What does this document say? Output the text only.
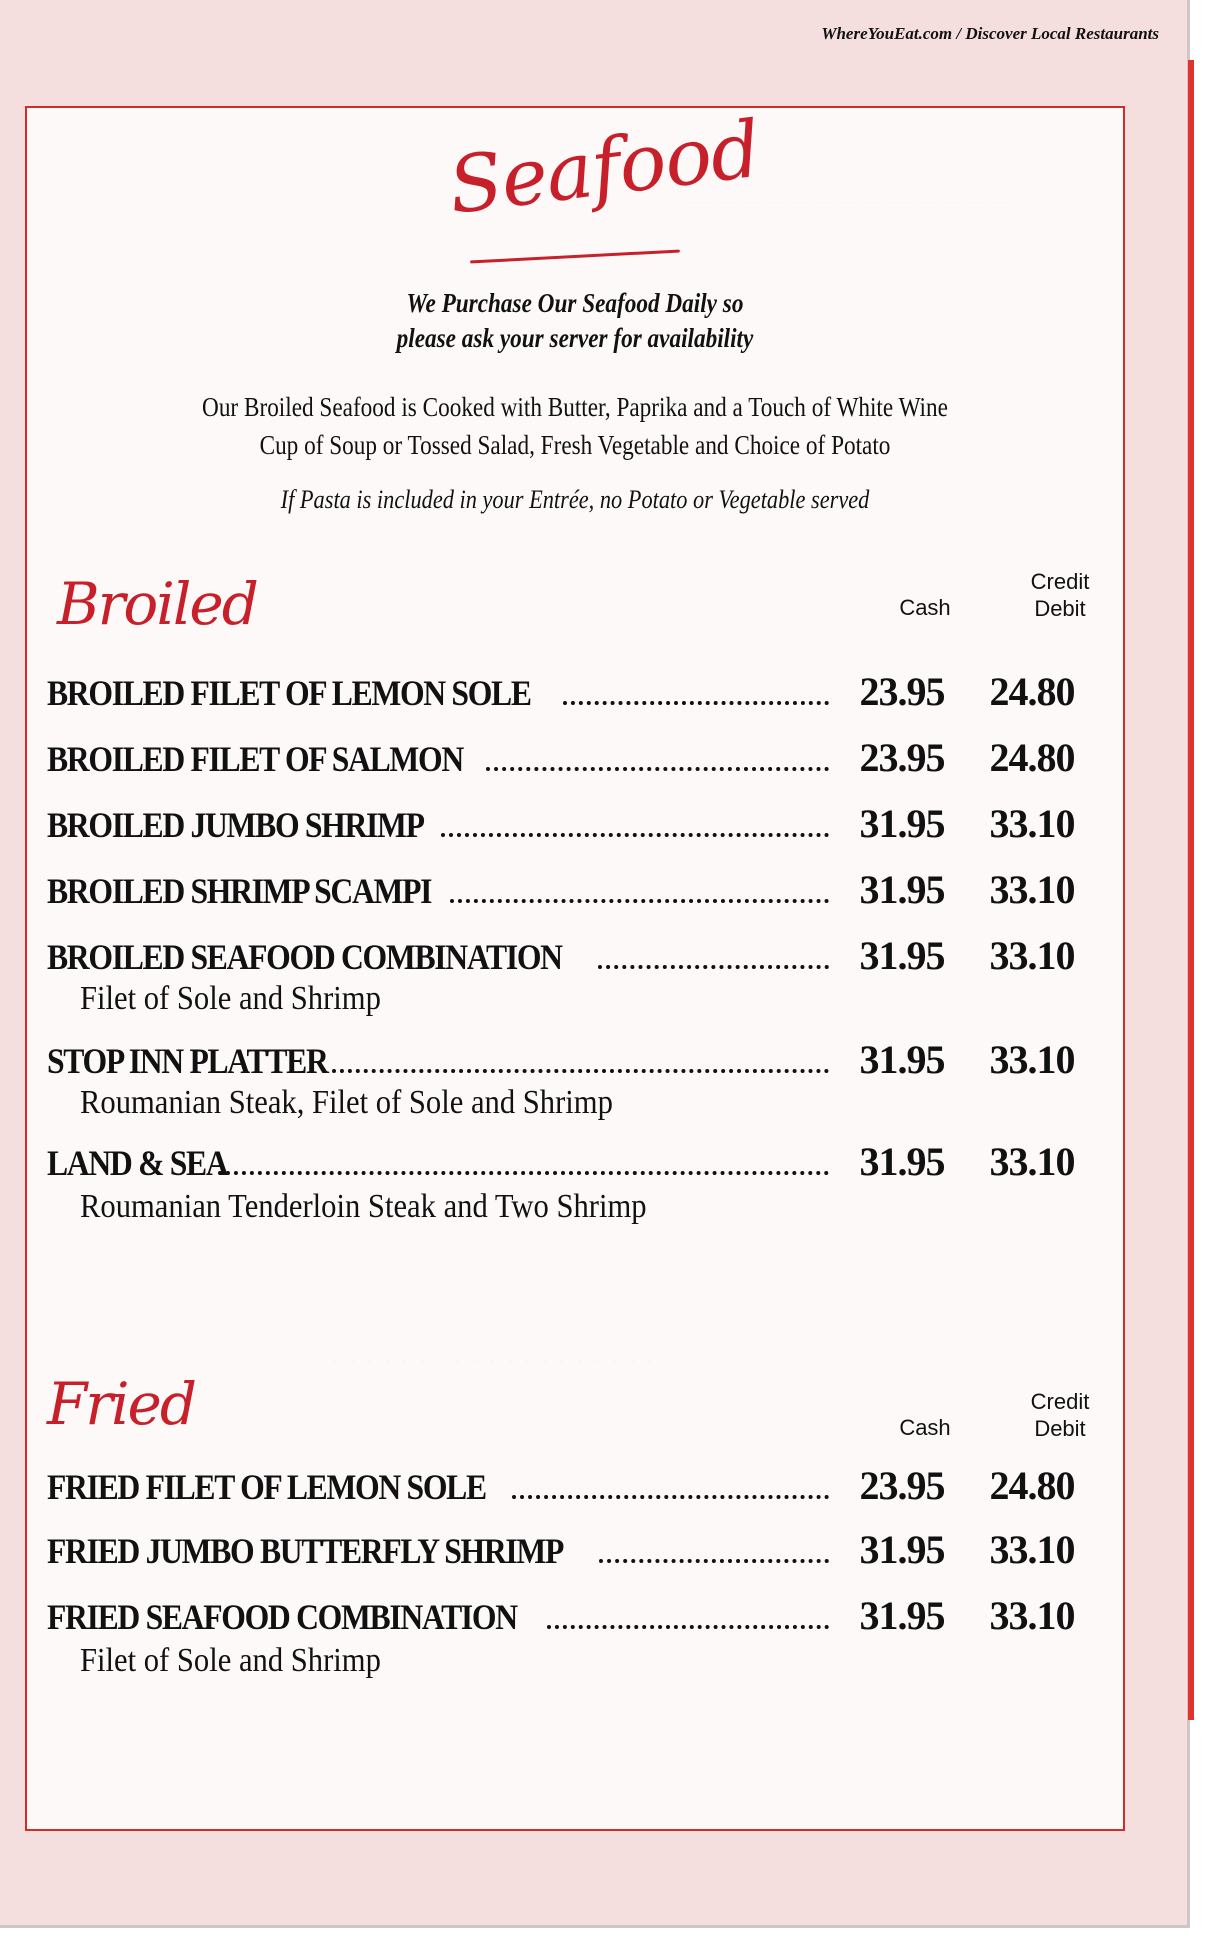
WhereYouEat.com / Discover Local Restaurants
Seafood
We Purchase Our Seafood Daily so
please ask your server for availability
Our Broiled Seafood is Cooked with Butter, Paprika and a Touch of White Wine
Cup of Soup or Tossed Salad, Fresh Vegetable and Choice of Potato
If Pasta is included in your Entrée, no Potato or Vegetable served
Broiled	Cash
Credit
Debit
BROILED FILET OF LEMON SOLE	23.95	24.80
BROILED FILET OF SALMON	23.95	24.80
BROILED JUMBO SHRIMP	31.95	33.10
BROILED SHRIMP SCAMPI	31.95	33.10
BROILED SEAFOOD COMBINATION	31.95	33.10
Filet of Sole and Shrimp
STOP INN PLATTER	31.95	33.10
Roumanian Steak, Filet of Sole and Shrimp
LAND & SEA	31.95	33.10
Roumanian Tenderloin Steak and Two Shrimp
Fried	Cash
Credit
Debit
FRIED FILET OF LEMON SOLE	23.95	24.80
FRIED JUMBO BUTTERFLY SHRIMP	31.95	33.10
FRIED SEAFOOD COMBINATION	31.95	33.10
Filet of Sole and Shrimp
